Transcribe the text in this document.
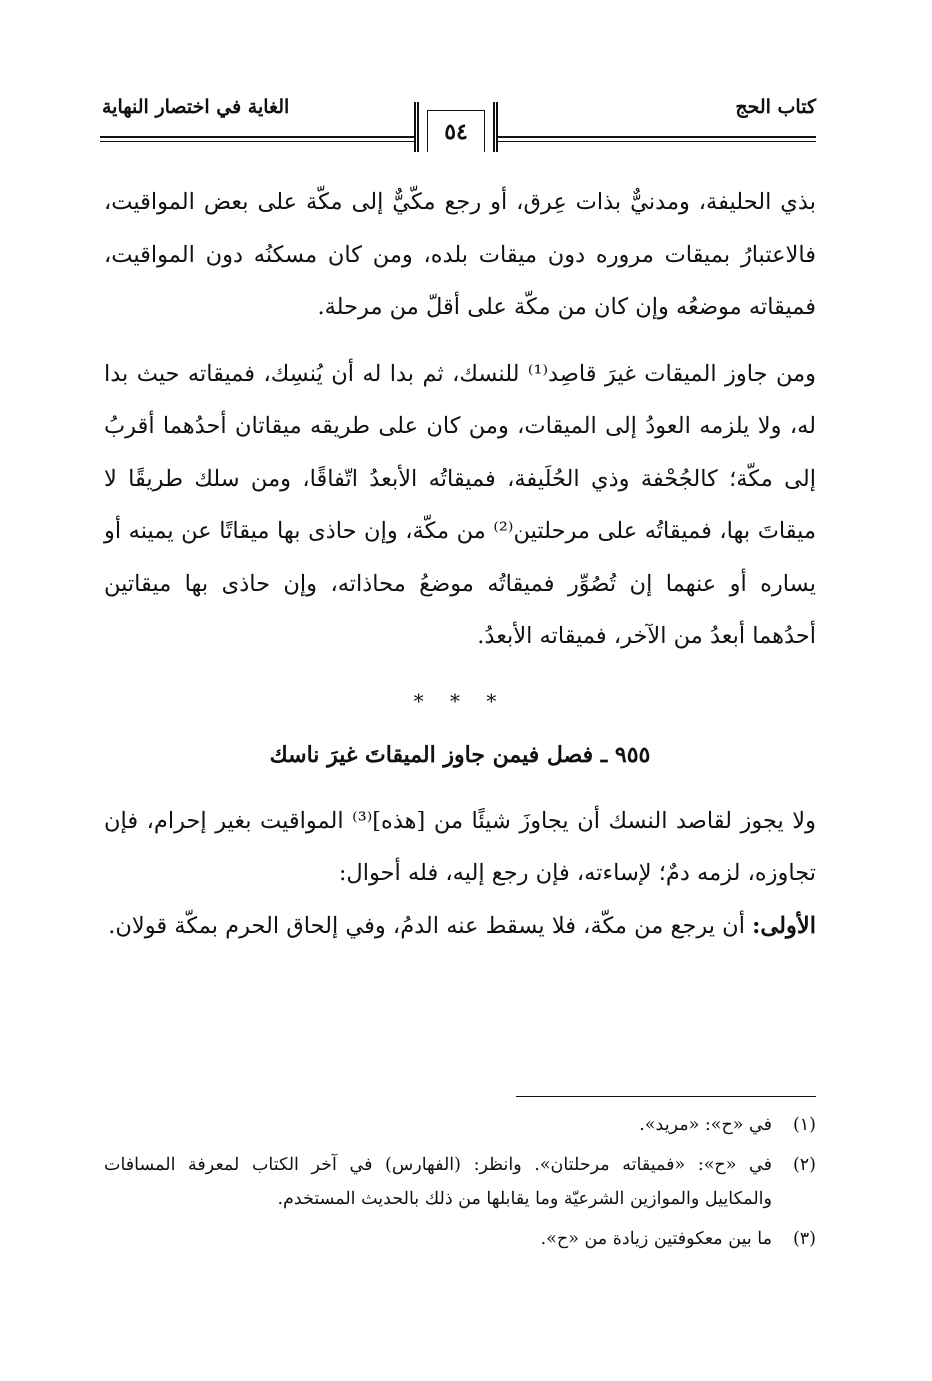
كتاب الحج
الغاية في اختصار النهاية
٥٤

بذي الحليفة، ومدنيٌّ بذات عِرق، أو رجع مكّيٌّ إلى مكّة على بعض المواقيت، فالاعتبارُ بميقات مروره دون ميقات بلده، ومن كان مسكنُه دون المواقيت، فميقاته موضعُه وإن كان من مكّة على أقلّ من مرحلة.

ومن جاوز الميقات غيرَ قاصِد⁽¹⁾ للنسك، ثم بدا له أن يُنسِك، فميقاته حيث بدا له، ولا يلزمه العودُ إلى الميقات، ومن كان على طريقه ميقاتان أحدُهما أقربُ إلى مكّة؛ كالجُحْفة وذي الحُلَيفة، فميقاتُه الأبعدُ اتّفاقًا، ومن سلك طريقًا لا ميقاتَ بها، فميقاتُه على مرحلتين⁽²⁾ من مكّة، وإن حاذى بها ميقاتًا عن يمينه أو يساره أو عنهما إن تُصُوِّر فميقاتُه موضعُ محاذاته، وإن حاذى بها ميقاتين أحدُهما أبعدُ من الآخر، فميقاته الأبعدُ.

* * *
٩٥٥ ـ فصل فيمن جاوز الميقاتَ غيرَ ناسك

ولا يجوز لقاصد النسك أن يجاوزَ شيئًا من [هذه]⁽³⁾ المواقيت بغير إحرام، فإن تجاوزه، لزمه دمٌ؛ لإساءته، فإن رجع إليه، فله أحوال:

الأولى: أن يرجع من مكّة، فلا يسقط عنه الدمُ، وفي إلحاق الحرم بمكّة قولان.

(١)
في «ح»: «مريد».
(٢)
في «ح»: «فميقاته مرحلتان». وانظر: (الفهارس) في آخر الكتاب لمعرفة المسافات والمكاييل والموازين الشرعيّة وما يقابلها من ذلك بالحديث المستخدم.
(٣)
ما بين معكوفتين زيادة من «ح».
